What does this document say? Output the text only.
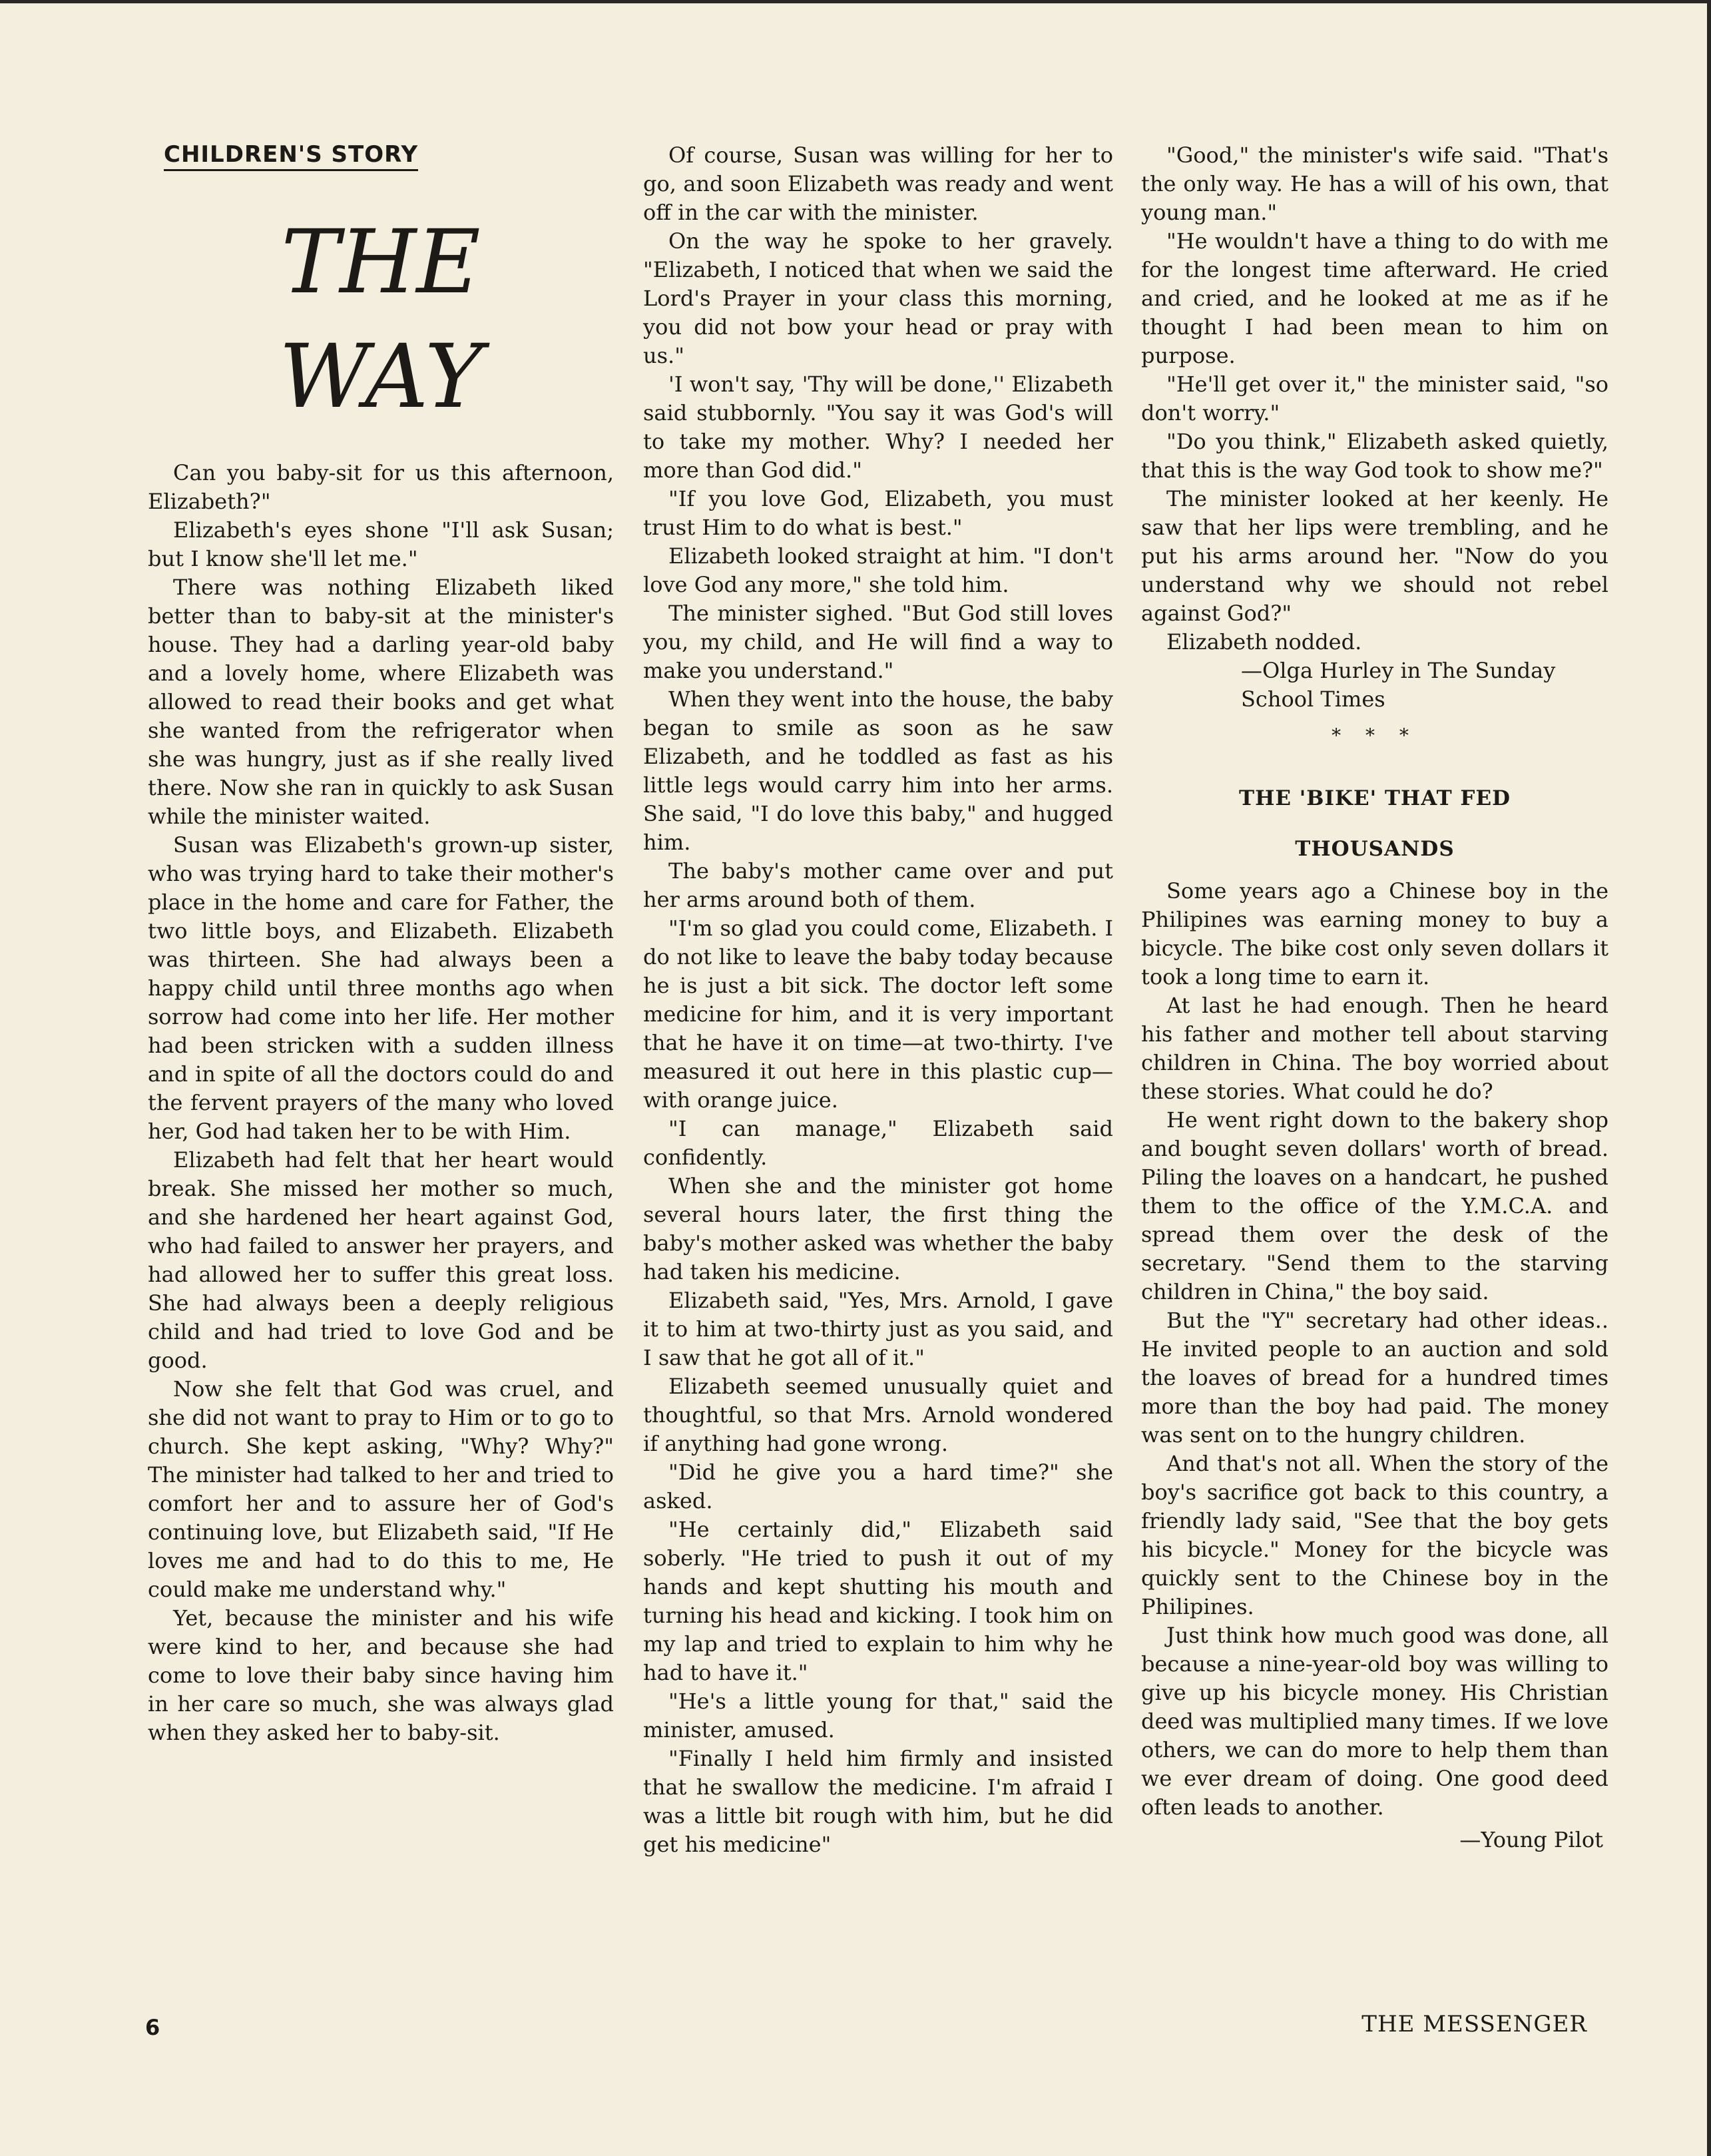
CHILDREN'S STORY
THE
WAY

Can you baby-sit for us this afternoon, Elizabeth?"

Elizabeth's eyes shone "I'll ask Susan; but I know she'll let me."

There was nothing Elizabeth liked better than to baby-sit at the minister's house. They had a darling year-old baby and a lovely home, where Elizabeth was allowed to read their books and get what she wanted from the refrigerator when she was hungry, just as if she really lived there. Now she ran in quickly to ask Susan while the minister waited.

Susan was Elizabeth's grown-up sister, who was trying hard to take their mother's place in the home and care for Father, the two little boys, and Elizabeth. Elizabeth was thirteen. She had always been a happy child until three months ago when sorrow had come into her life. Her mother had been stricken with a sudden illness and in spite of all the doctors could do and the fervent prayers of the many who loved her, God had taken her to be with Him.

Elizabeth had felt that her heart would break. She missed her mother so much, and she hardened her heart against God, who had failed to answer her prayers, and had allowed her to suffer this great loss. She had always been a deeply religious child and had tried to love God and be good.

Now she felt that God was cruel, and she did not want to pray to Him or to go to church. She kept asking, "Why? Why?" The minister had talked to her and tried to comfort her and to assure her of God's continuing love, but Elizabeth said, "If He loves me and had to do this to me, He could make me understand why."

Yet, because the minister and his wife were kind to her, and because she had come to love their baby since having him in her care so much, she was always glad when they asked her to baby-sit.

Of course, Susan was willing for her to go, and soon Elizabeth was ready and went off in the car with the minister.

On the way he spoke to her gravely. "Elizabeth, I noticed that when we said the Lord's Prayer in your class this morning, you did not bow your head or pray with us."

'I won't say, 'Thy will be done,'' Elizabeth said stubbornly. "You say it was God's will to take my mother. Why? I needed her more than God did."

"If you love God, Elizabeth, you must trust Him to do what is best."

Elizabeth looked straight at him. "I don't love God any more," she told him.

The minister sighed. "But God still loves you, my child, and He will find a way to make you understand."

When they went into the house, the baby began to smile as soon as he saw Elizabeth, and he toddled as fast as his little legs would carry him into her arms. She said, "I do love this baby," and hugged him.

The baby's mother came over and put her arms around both of them.

"I'm so glad you could come, Elizabeth. I do not like to leave the baby today because he is just a bit sick. The doctor left some medicine for him, and it is very important that he have it on time—at two-thirty. I've measured it out here in this plastic cup—with orange juice.

"I can manage," Elizabeth said confidently.

When she and the minister got home several hours later, the first thing the baby's mother asked was whether the baby had taken his medicine.

Elizabeth said, "Yes, Mrs. Arnold, I gave it to him at two-thirty just as you said, and I saw that he got all of it."

Elizabeth seemed unusually quiet and thoughtful, so that Mrs. Arnold wondered if anything had gone wrong.

"Did he give you a hard time?" she asked.

"He certainly did," Elizabeth said soberly. "He tried to push it out of my hands and kept shutting his mouth and turning his head and kicking. I took him on my lap and tried to explain to him why he had to have it."

"He's a little young for that," said the minister, amused.

"Finally I held him firmly and insisted that he swallow the medicine. I'm afraid I was a little bit rough with him, but he did get his medicine"

"Good," the minister's wife said. "That's the only way. He has a will of his own, that young man."

"He wouldn't have a thing to do with me for the longest time afterward. He cried and cried, and he looked at me as if he thought I had been mean to him on purpose.

"He'll get over it," the minister said, "so don't worry."

"Do you think," Elizabeth asked quietly, that this is the way God took to show me?"

The minister looked at her keenly. He saw that her lips were trembling, and he put his arms around her. "Now do you understand why we should not rebel against God?"

Elizabeth nodded.

—Olga Hurley in The Sunday School Times

* * *
THE 'BIKE' THAT FED
THOUSANDS

Some years ago a Chinese boy in the Philipines was earning money to buy a bicycle. The bike cost only seven dollars it took a long time to earn it.

At last he had enough. Then he heard his father and mother tell about starving children in China. The boy worried about these stories. What could he do?

He went right down to the bakery shop and bought seven dollars' worth of bread. Piling the loaves on a handcart, he pushed them to the office of the Y.M.C.A. and spread them over the desk of the secretary. "Send them to the starving children in China," the boy said.

But the "Y" secretary had other ideas.. He invited people to an auction and sold the loaves of bread for a hundred times more than the boy had paid. The money was sent on to the hungry children.

And that's not all. When the story of the boy's sacrifice got back to this country, a friendly lady said, "See that the boy gets his bicycle." Money for the bicycle was quickly sent to the Chinese boy in the Philipines.

Just think how much good was done, all because a nine-year-old boy was willing to give up his bicycle money. His Christian deed was multiplied many times. If we love others, we can do more to help them than we ever dream of doing. One good deed often leads to another.

—Young Pilot
6	THE MESSENGER
